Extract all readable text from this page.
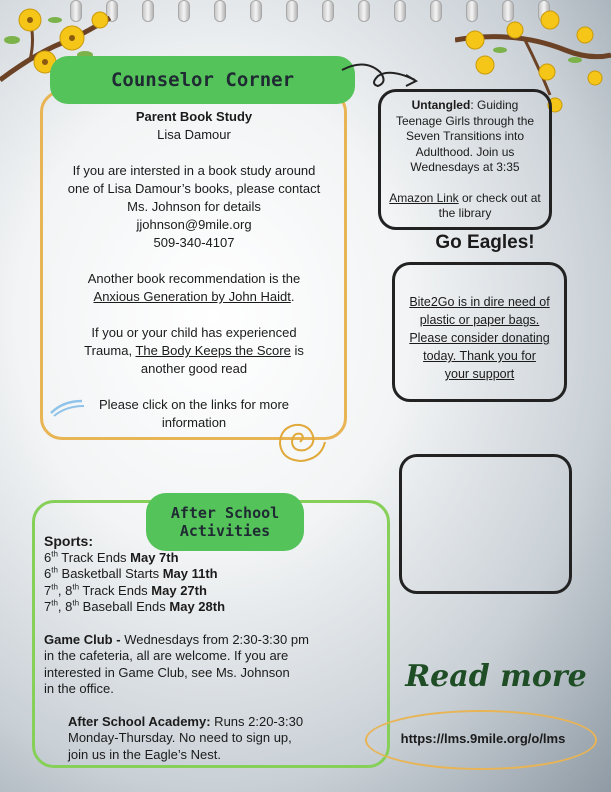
Counselor Corner

Parent Book Study

Lisa Damour

If you are intersted in a book study around

one of Lisa Damour’s books, please contact

Ms. Johnson for details

jjohnson@9mile.org

509-340-4107

Another book recommendation is the

Anxious Generation by John Haidt.

If you or your child has experienced

Trauma, The Body Keeps the Score is

another good read

Please click on the links for more

information

Untangled: Guiding

Teenage Girls through the

Seven Transitions into

Adulthood. Join us

Wednesdays at 3:35

Amazon Link or check out at

the library

Go Eagles!
Bite2Go is in dire need of
plastic or paper bags.
Please consider donating
today. Thank you for
your support
After School
Activities

Sports:

6th Track Ends May 7th

6th Basketball Starts May 11th

7th, 8th Track Ends May 27th

7th, 8th Baseball Ends May 28th

Game Club - Wednesdays from 2:30-3:30 pm

in the cafeteria, all are welcome. If you are

interested in Game Club, see Ms. Johnson

in the office.

After School Academy: Runs 2:20-3:30

Monday-Thursday. No need to sign up,

join us in the Eagle’s Nest.

Read more
https://lms.9mile.org/o/lms
